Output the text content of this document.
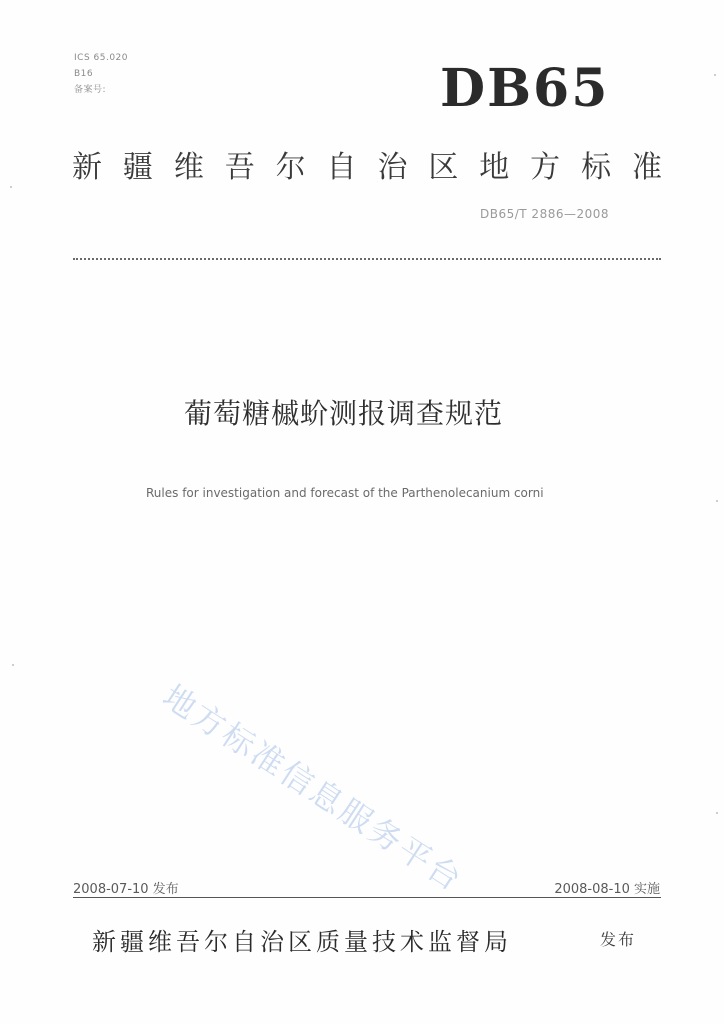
ICS 65.020
B16
备案号:	DB65
新 疆 维 吾 尔 自 治 区 地 方 标 准
DB65/T 2886—2008
葡萄糖槭蚧测报调查规范
Rules for investigation and forecast of the Parthenolecanium corni
地方标准信息服务平台
2008-07-10 发布	2008-08-10 实施
新疆维吾尔自治区质量技术监督局	发布
